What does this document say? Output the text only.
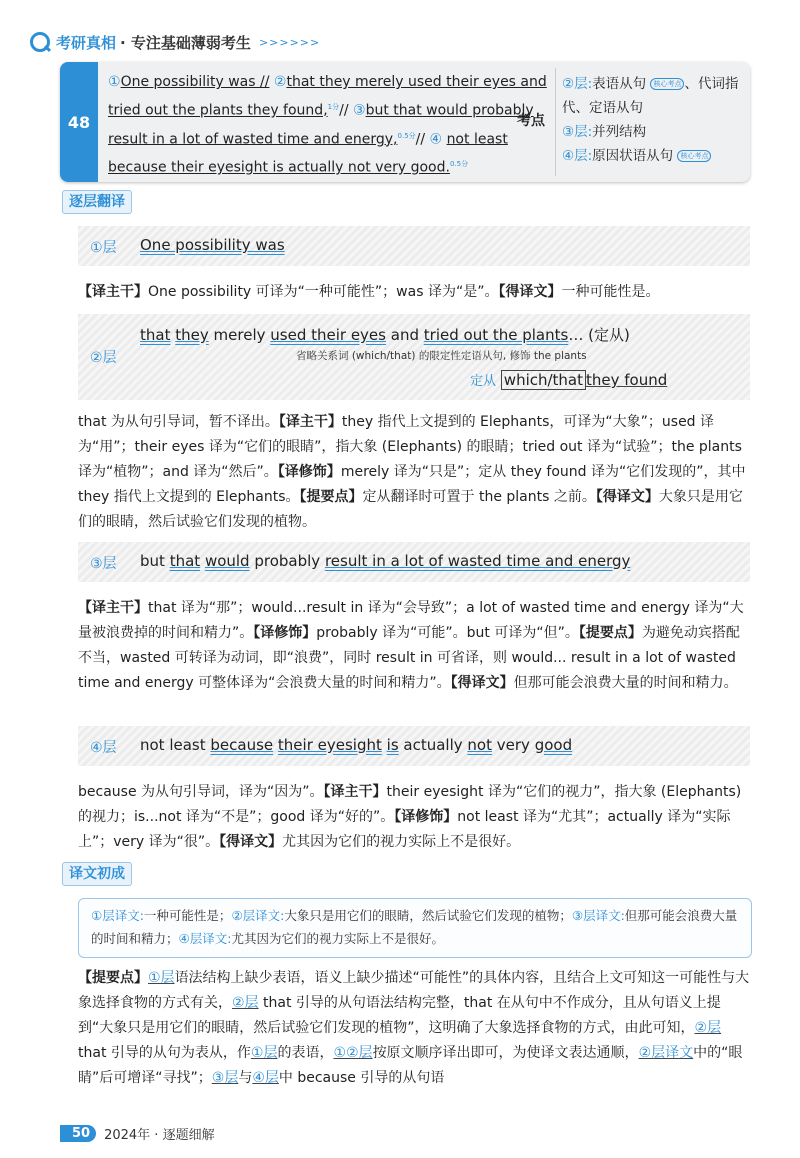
考研真相 · 专注基础薄弱考生 >>>>>>
48
①One possibility was // ②that they merely used their eyes and tried out the plants they found,$^{1分}$// ③but that would probably result in a lot of wasted time and energy,$^{0.5分}$// ④ not least because their eyesight is actually not very good.$^{0.5分}$
考点
②层:表语从句 核心考点 、代词指代、定语从句
③层:并列结构
④层:原因状语从句 核心考点
逐层翻译
①层 One possibility was
【译主干】One possibility 可译为“一种可能性”；was 译为“是”。【得译文】一种可能性是。
②层
that they merely used their eyes and tried out the plants… (定从)
省略关系词 (which/that) 的限定性定语从句, 修饰 the plants
定从 which/that they found
that 为从句引导词，暂不译出。【译主干】they 指代上文提到的 Elephants，可译为“大象”；used 译为“用”；their eyes 译为“它们的眼睛”，指大象 (Elephants) 的眼睛；tried out 译为“试验”；the plants 译为“植物”；and 译为“然后”。【译修饰】merely 译为“只是”；定从 they found 译为“它们发现的”，其中 they 指代上文提到的 Elephants。【提要点】定从翻译时可置于 the plants 之前。【得译文】大象只是用它们的眼睛，然后试验它们发现的植物。
③层 but that would probably result in a lot of wasted time and energy
【译主干】that 译为“那”；would...result in 译为“会导致”；a lot of wasted time and energy 译为“大量被浪费掉的时间和精力”。【译修饰】probably 译为“可能”。but 可译为“但”。【提要点】为避免动宾搭配不当，wasted 可转译为动词，即“浪费”，同时 result in 可省译，则 would... result in a lot of wasted time and energy 可整体译为“会浪费大量的时间和精力”。【得译文】但那可能会浪费大量的时间和精力。
④层 not least because their eyesight is actually not very good
because 为从句引导词，译为“因为”。【译主干】their eyesight 译为“它们的视力”，指大象 (Elephants) 的视力；is...not 译为“不是”；good 译为“好的”。【译修饰】not least 译为“尤其”；actually 译为“实际上”；very 译为“很”。【得译文】尤其因为它们的视力实际上不是很好。
译文初成
①层译文:一种可能性是；②层译文:大象只是用它们的眼睛，然后试验它们发现的植物；③层译文:但那可能会浪费大量的时间和精力；④层译文:尤其因为它们的视力实际上不是很好。
【提要点】①层语法结构上缺少表语，语义上缺少描述“可能性”的具体内容，且结合上文可知这一可能性与大象选择食物的方式有关，②层 that 引导的从句语法结构完整，that 在从句中不作成分，且从句语义上提到“大象只是用它们的眼睛，然后试验它们发现的植物”，这明确了大象选择食物的方式，由此可知，②层 that 引导的从句为表从，作①层的表语，①②层按原文顺序译出即可，为使译文表达通顺，②层译文中的“眼睛”后可增译“寻找”；③层与④层中 because 引导的从句语
50	2024年 · 逐题细解
